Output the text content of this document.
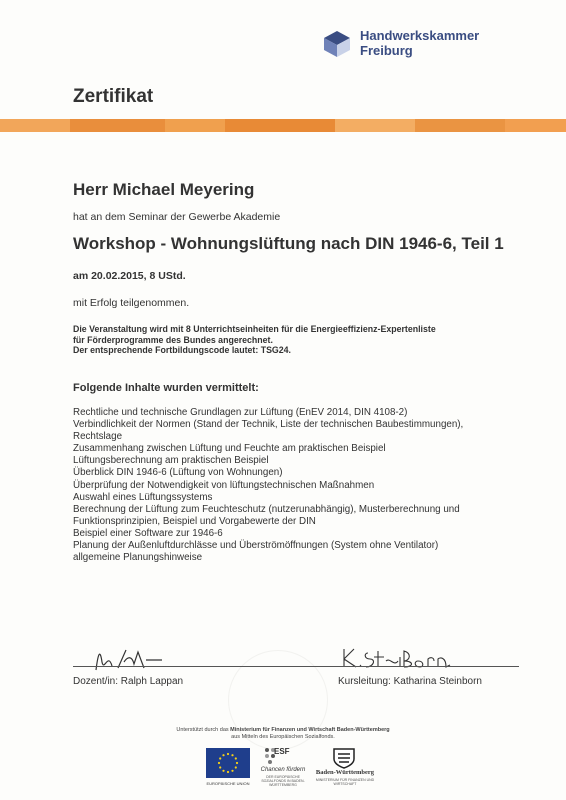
Handwerkskammer
Freiburg
Zertifikat
Herr Michael Meyering
hat an dem Seminar der Gewerbe Akademie
Workshop - Wohnungslüftung nach DIN 1946-6, Teil 1
am 20.02.2015, 8 UStd.
mit Erfolg teilgenommen.
Die Veranstaltung wird mit 8 Unterrichtseinheiten für die Energieeffizienz-Expertenliste
für Förderprogramme des Bundes angerechnet.
Der entsprechende Fortbildungscode lautet: TSG24.
Folgende Inhalte wurden vermittelt:
Rechtliche und technische Grundlagen zur Lüftung (EnEV 2014, DIN 4108-2)
Verbindlichkeit der Normen (Stand der Technik, Liste der technischen Baubestimmungen),
Rechtslage
Zusammenhang zwischen Lüftung und Feuchte am praktischen Beispiel
Lüftungsberechnung am praktischen Beispiel
Überblick DIN 1946-6 (Lüftung von Wohnungen)
Überprüfung der Notwendigkeit von lüftungstechnischen Maßnahmen
Auswahl eines Lüftungssystems
Berechnung der Lüftung zum Feuchteschutz (nutzerunabhängig), Musterberechnung und
Funktionsprinzipien, Beispiel und Vorgabewerte der DIN
Beispiel einer Software zur 1946-6
Planung der Außenluftdurchlässe und Überströmöffnungen (System ohne Ventilator)
allgemeine Planungshinweise
Dozent/in: Ralph Lappan	Kursleitung: Katharina Steinborn
Unterstützt durch das Ministerium für Finanzen und Wirtschaft Baden-Württemberg
aus Mitteln des Europäischen Sozialfonds.
EUROPÄISCHE UNION
ESF
Chancen fördern
DER EUROPÄISCHE SOZIALFONDS IN BADEN-WÜRTTEMBERG
Baden-Württemberg
MINISTERIUM FÜR FINANZEN UND WIRTSCHAFT
